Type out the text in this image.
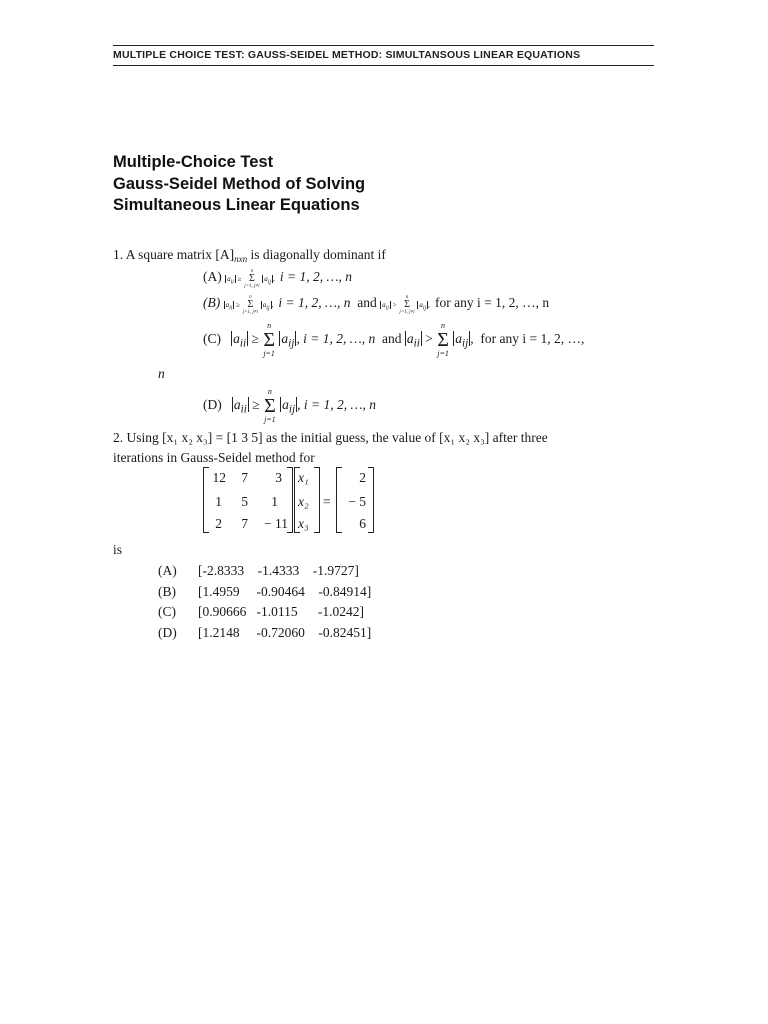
MULTIPLE CHOICE TEST: GAUSS-SEIDEL METHOD: SIMULTANSOUS LINEAR EQUATIONS
Multiple-Choice Test
Gauss-Seidel Method of Solving
Simultaneous Linear Equations
1. A square matrix $[A]_{nxn}$ is diagonally dominant if
(A) $a_{ii}$ ≥
n
Σ
j=1, j≠i
$a_{ij}$ ,  i = 1, 2, …, n
(B) $a_{ii}$ ≥
n
Σ
j=1, j≠i
$a_{ij}$ ,  i = 1, 2, …, n and $a_{ii}$ >
n
Σ
j=1, j≠i
$a_{ij}$ ,  for any i = 1, 2, …, n
(C) $a_{ii}$ ≥
n
Σ
j=1
$a_{ij}$ , i = 1, 2, …, n and $a_{ii}$ >
n
Σ
j=1
$a_{ij}$ ,  for any i = 1, 2, …,
n
(D) $a_{ii}$ ≥
n
Σ
j=1
$a_{ij}$ , i = 1, 2, …, n
2. Using [x₁ x₂ x₃] = [1 3 5] as the initial guess, the value of [x₁ x₂ x₃] after three
iterations in Gauss-Seidel method for
12	7	3
1	5	1
2	7	− 11
x₁
x₂
x₃
=
2
− 5
6
is
(A) [-2.8333    -1.4333    -1.9727]
(B) [1.4959     -0.90464    -0.84914]
(C) [0.90666   -1.0115      -1.0242]
(D) [1.2148     -0.72060    -0.82451]
